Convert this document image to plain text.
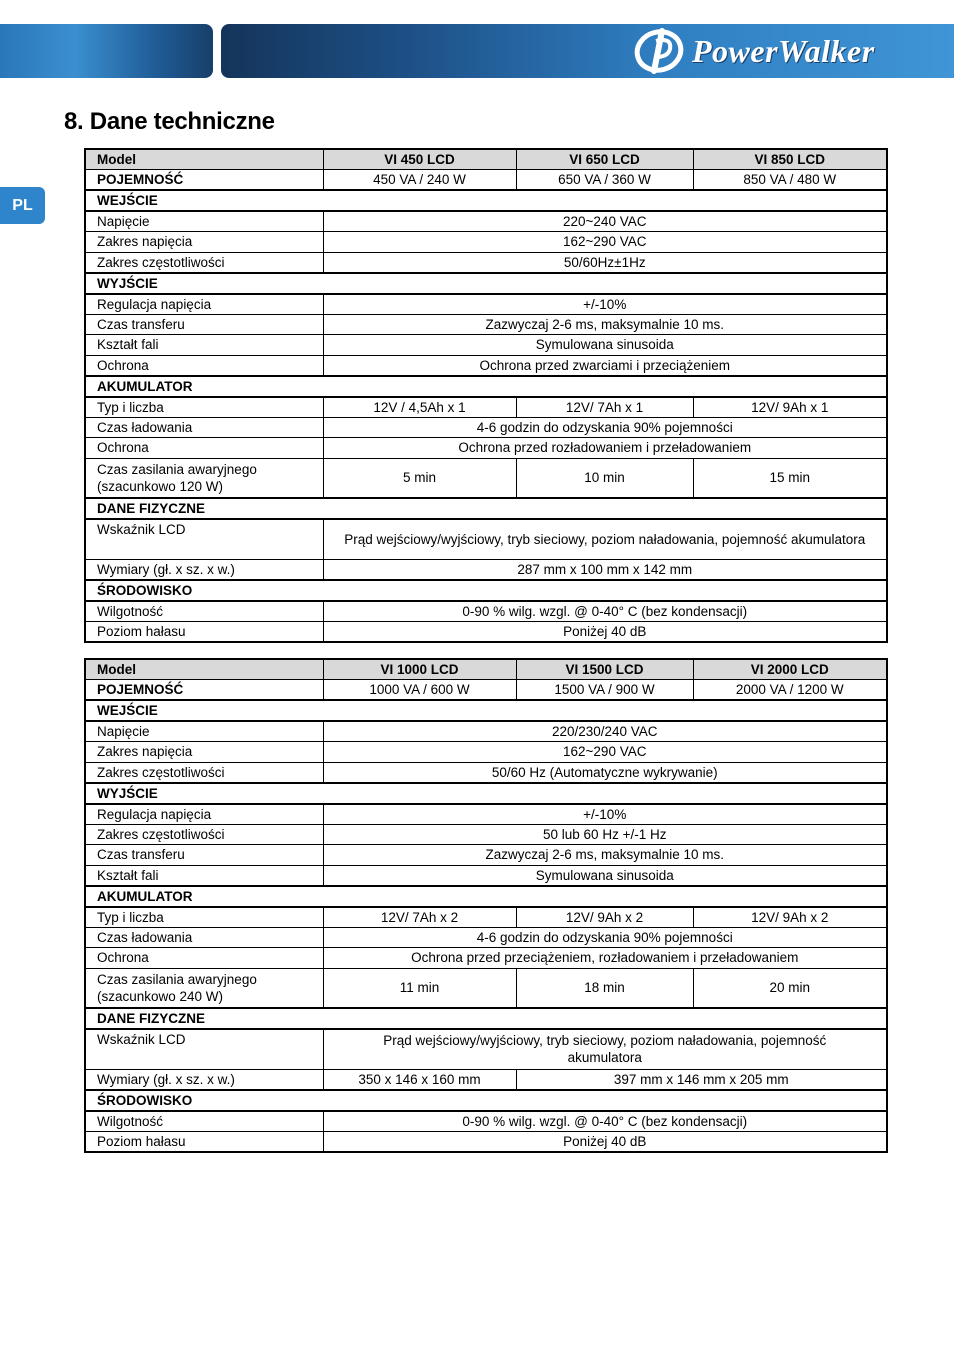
PowerWalker
PL
8. Dane techniczne
Model	VI 450 LCD	VI 650 LCD	VI 850 LCD
POJEMNOŚĆ	450 VA / 240 W	650 VA / 360 W	850 VA / 480 W
WEJŚCIE			
Napięcie	220~240 VAC		
Zakres napięcia	162~290 VAC		
Zakres częstotliwości	50/60Hz±1Hz		
WYJŚCIE			
Regulacja napięcia	+/-10%		
Czas transferu	Zazwyczaj 2-6 ms, maksymalnie 10 ms.		
Kształt fali	Symulowana sinusoida		
Ochrona	Ochrona przed zwarciami i przeciążeniem		
AKUMULATOR			
Typ i liczba	12V / 4,5Ah x 1	12V/ 7Ah x 1	12V/ 9Ah x 1
Czas ładowania	4-6 godzin do odzyskania 90% pojemności		
Ochrona	Ochrona przed rozładowaniem i przeładowaniem		
Czas zasilania awaryjnego (szacunkowo 120 W)	5 min	10 min	15 min
DANE FIZYCZNE			
Wskaźnik LCD	Prąd wejściowy/wyjściowy, tryb sieciowy, poziom naładowania, pojemność akumulatora		
Wymiary (gł. x sz. x w.)	287 mm x 100 mm x 142 mm		
ŚRODOWISKO			
Wilgotność	0-90 % wilg. wzgl. @ 0-40° C (bez kondensacji)		
Poziom hałasu	Poniżej 40 dB		
Model	VI 1000 LCD	VI 1500 LCD	VI 2000 LCD
POJEMNOŚĆ	1000 VA / 600 W	1500 VA / 900 W	2000 VA / 1200 W
WEJŚCIE			
Napięcie	220/230/240 VAC		
Zakres napięcia	162~290 VAC		
Zakres częstotliwości	50/60 Hz (Automatyczne wykrywanie)		
WYJŚCIE			
Regulacja napięcia	+/-10%		
Zakres częstotliwości	50 lub 60 Hz +/-1 Hz		
Czas transferu	Zazwyczaj 2-6 ms, maksymalnie 10 ms.		
Kształt fali	Symulowana sinusoida		
AKUMULATOR			
Typ i liczba	12V/ 7Ah x 2	12V/ 9Ah x 2	12V/ 9Ah x 2
Czas ładowania	4-6 godzin do odzyskania 90% pojemności		
Ochrona	Ochrona przed przeciążeniem, rozładowaniem i przeładowaniem		
Czas zasilania awaryjnego (szacunkowo 240 W)	11 min	18 min	20 min
DANE FIZYCZNE			
Wskaźnik LCD	Prąd wejściowy/wyjściowy, tryb sieciowy, poziom naładowania, pojemność akumulatora		
Wymiary (gł. x sz. x w.)	350 x 146 x 160 mm	397 mm x 146 mm x 205 mm	
ŚRODOWISKO			
Wilgotność	0-90 % wilg. wzgl. @ 0-40° C (bez kondensacji)		
Poziom hałasu	Poniżej 40 dB		
